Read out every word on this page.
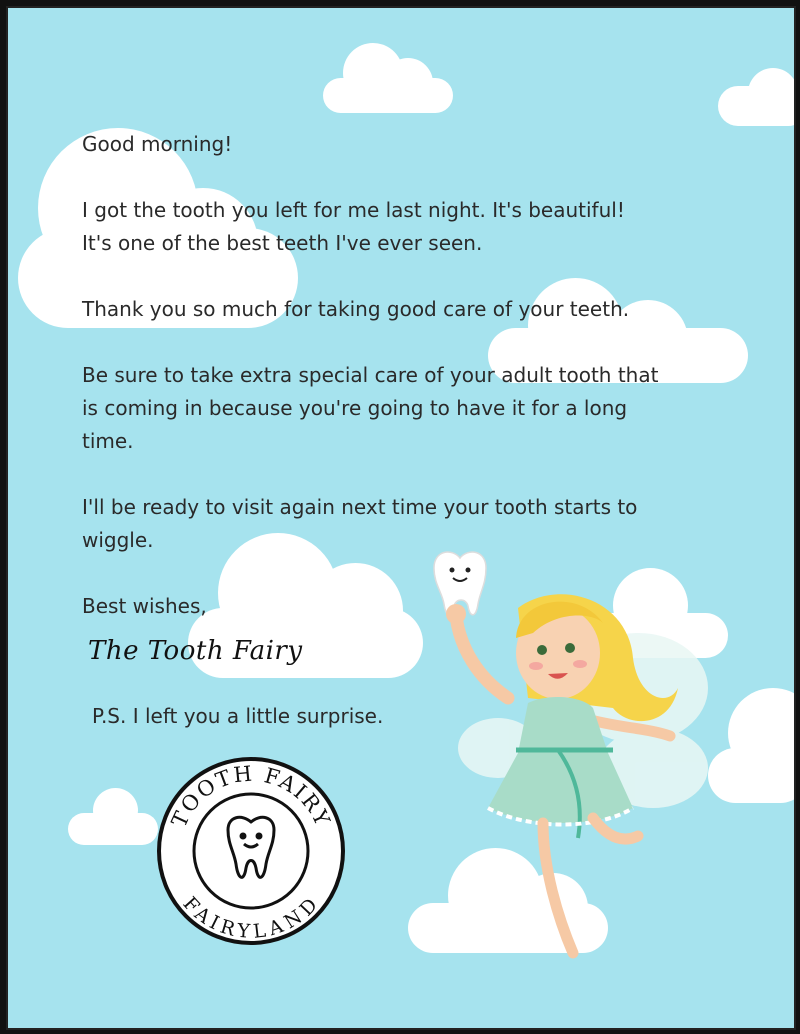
Good morning!

I got the tooth you left for me last night. It's beautiful!
It's one of the best teeth I've ever seen.

Thank you so much for taking good care of your teeth.

Be sure to take extra special care of your adult tooth that
is coming in because you're going to have it for a long
time.

I'll be ready to visit again next time your tooth starts to
wiggle.

Best wishes,

The Tooth Fairy
P.S. I left you a little surprise.
TOOTH FAIRY
FAIRYLAND
